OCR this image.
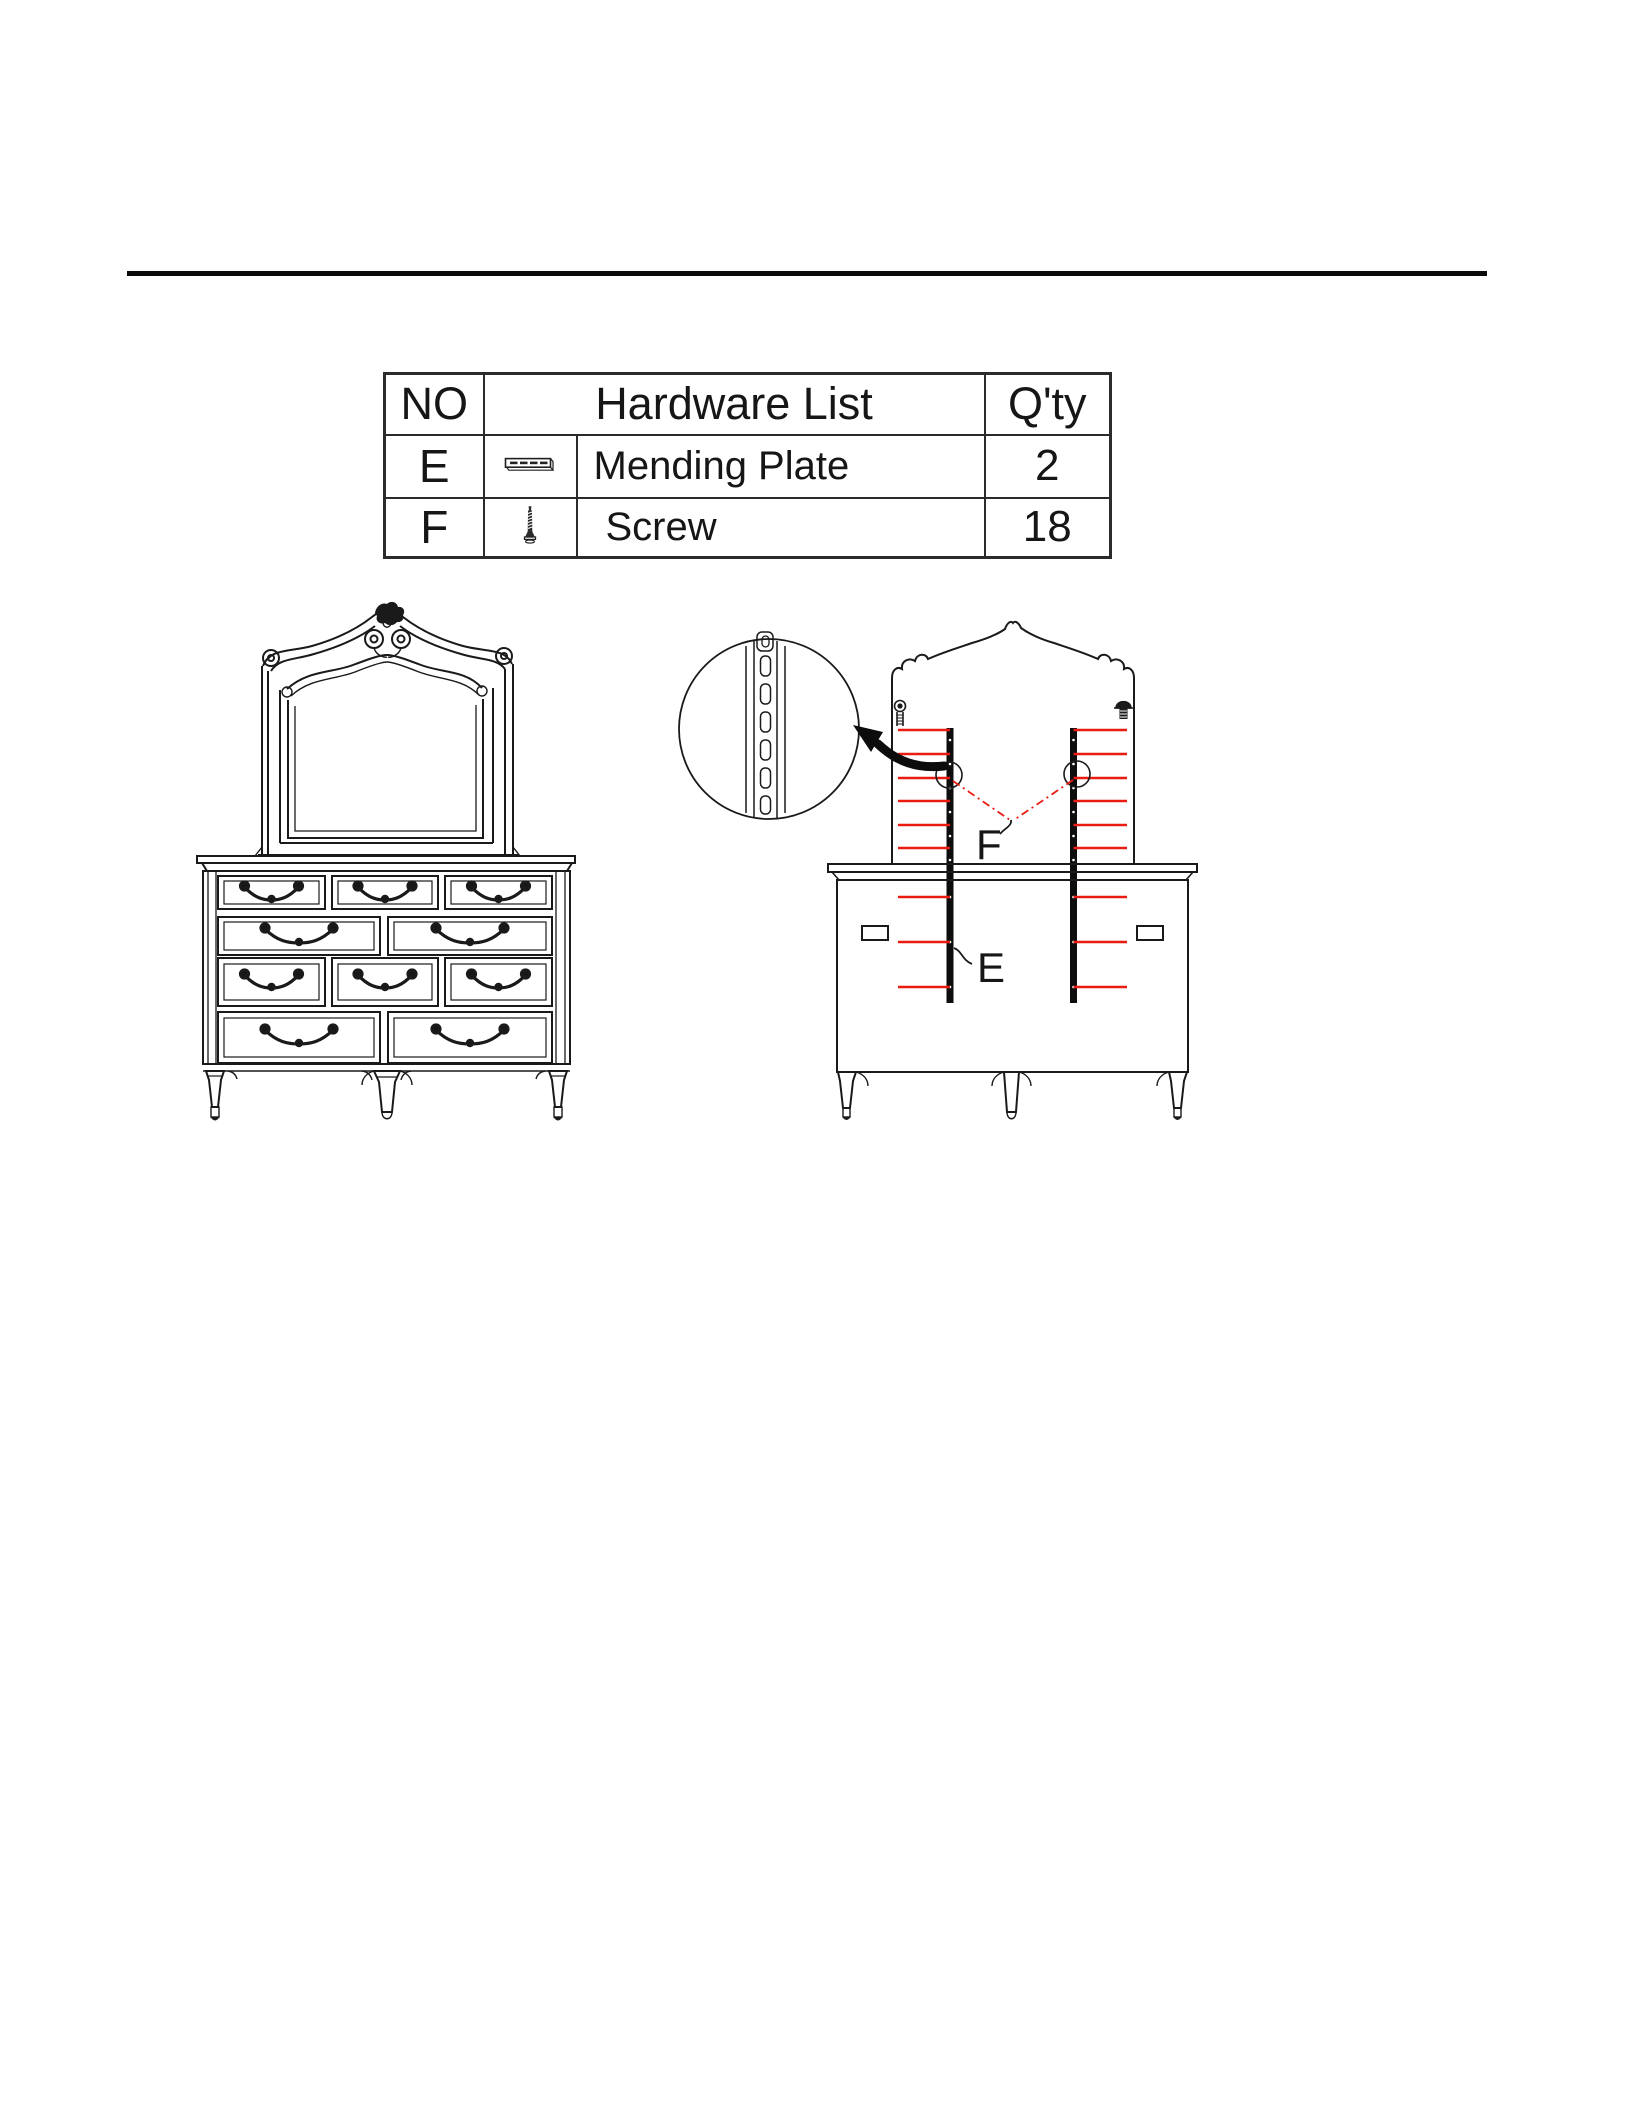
NO	Hardware List		Q'ty
E		Mending Plate	2
F		Screw	18
F
E
